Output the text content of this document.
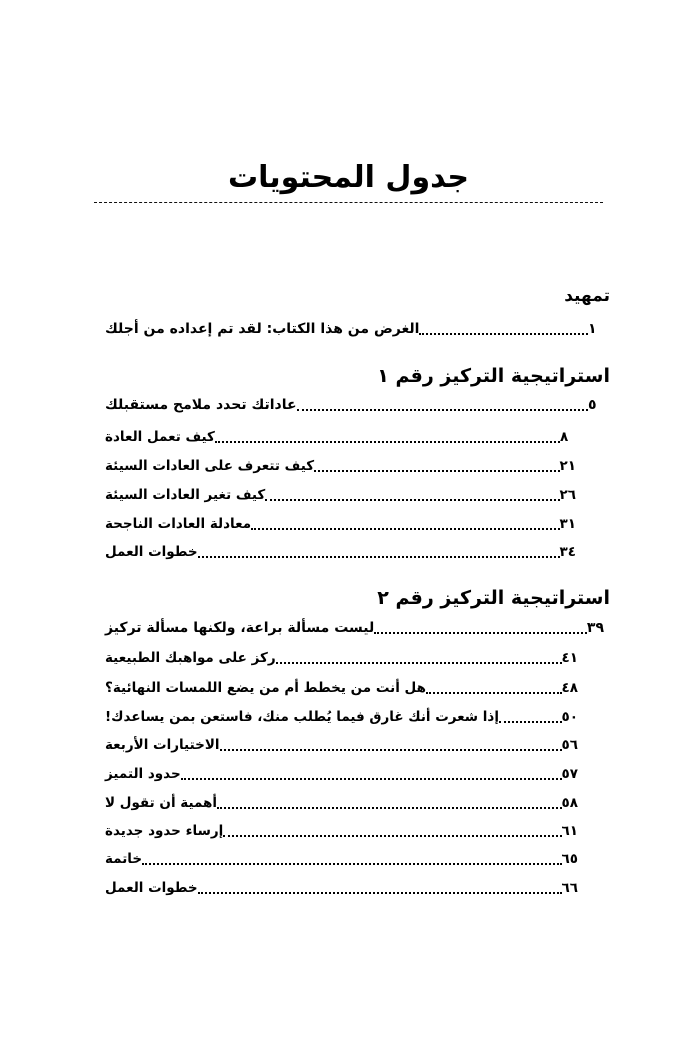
جدول المحتويات
تمهيد
الغرض من هذا الكتاب: لقد تم إعداده من أجلك	١
استراتيجية التركيز رقم ١
عاداتك تحدد ملامح مستقبلك	٥
كيف تعمل العادة	٨
كيف تتعرف على العادات السيئة	٢١
كيف تغير العادات السيئة	٢٦
معادلة العادات الناجحة	٣١
خطوات العمل	٣٤
استراتيجية التركيز رقم ٢
ليست مسألة براعة، ولكنها مسألة تركيز	٣٩
ركز على مواهبك الطبيعية	٤١
هل أنت من يخطط أم من يضع اللمسات النهائية؟	٤٨
إذا شعرت أنك غارق فيما يُطلب منك، فاستعن بمن يساعدك!	٥٠
الاختيارات الأربعة	٥٦
حدود التميز	٥٧
أهمية أن تقول لا	٥٨
إرساء حدود جديدة	٦١
خاتمة	٦٥
خطوات العمل	٦٦
